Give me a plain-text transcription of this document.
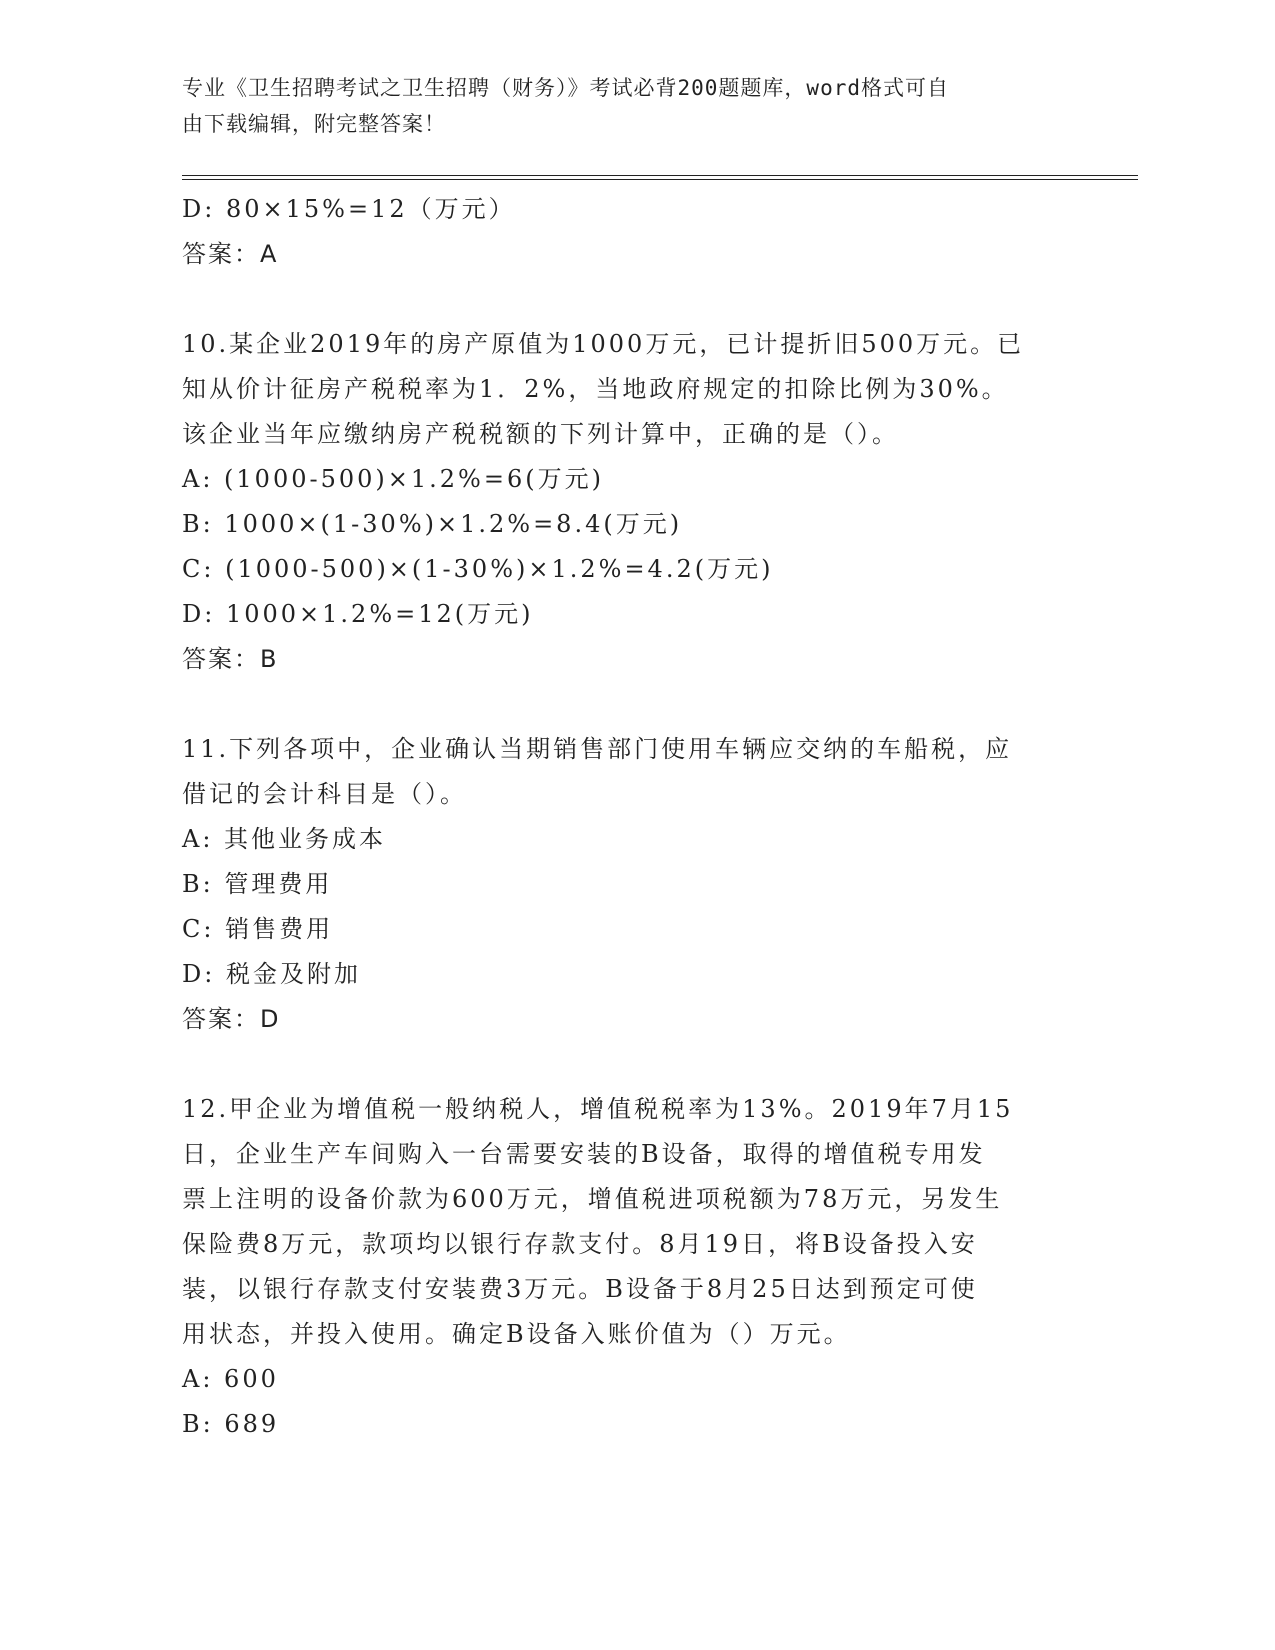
专业《卫生招聘考试之卫生招聘（财务）》考试必背200题题库，word格式可自
由下载编辑，附完整答案！
D: 80×15%=12（万元）
答案：A
10.某企业2019年的房产原值为1000万元，已计提折旧500万元。已
知从价计征房产税税率为1．2%，当地政府规定的扣除比例为30%。
该企业当年应缴纳房产税税额的下列计算中，正确的是（）。
A: (1000-500)×1.2%=6(万元)
B: 1000×(1-30%)×1.2%=8.4(万元)
C: (1000-500)×(1-30%)×1.2%=4.2(万元)
D: 1000×1.2%=12(万元)
答案：B
11.下列各项中，企业确认当期销售部门使用车辆应交纳的车船税，应
借记的会计科目是（）。
A: 其他业务成本
B: 管理费用
C: 销售费用
D: 税金及附加
答案：D
12.甲企业为增值税一般纳税人，增值税税率为13%。2019年7月15
日，企业生产车间购入一台需要安装的B设备，取得的增值税专用发
票上注明的设备价款为600万元，增值税进项税额为78万元，另发生
保险费8万元，款项均以银行存款支付。8月19日，将B设备投入安
装，以银行存款支付安装费3万元。B设备于8月25日达到预定可使
用状态，并投入使用。确定B设备入账价值为（）万元。
A: 600
B: 689
